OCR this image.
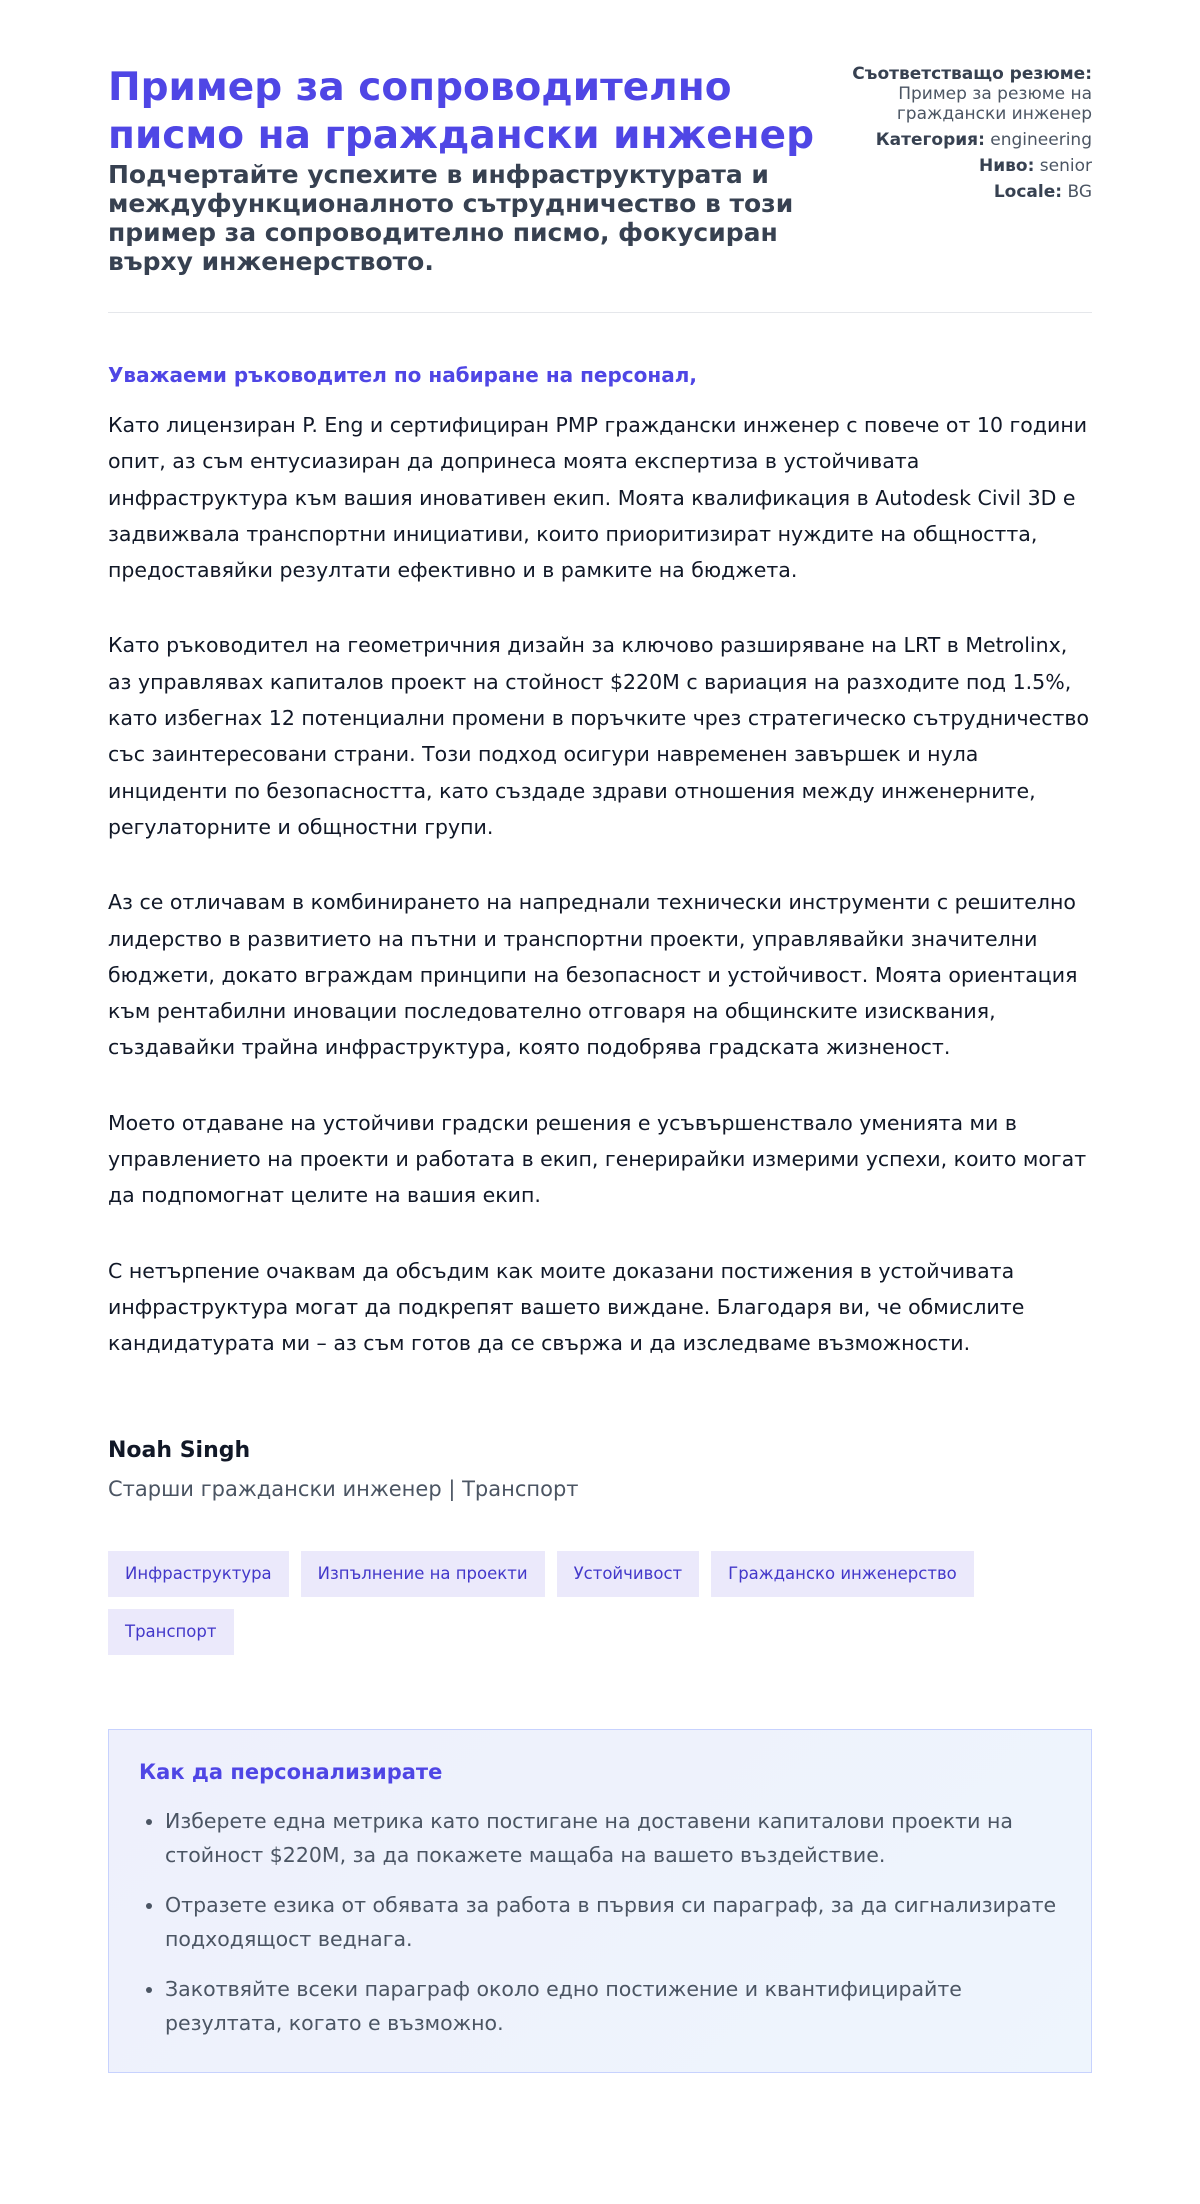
Пример за сопроводително писмо на граждански инженер

Подчертайте успехите в инфраструктурата и междуфункционалното сътрудничество в този пример за сопроводително писмо, фокусиран върху инженерството.

Съответстващо резюме: Пример за резюме на граждански инженер
Категория: engineering
Ниво: senior
Locale: BG

Уважаеми ръководител по набиране на персонал,

Като лицензиран P. Eng и сертифициран PMP граждански инженер с повече от 10 години опит, аз съм ентусиазиран да допринеса моята експертиза в устойчивата инфраструктура към вашия иновативен екип. Моята квалификация в Autodesk Civil 3D е задвижвала транспортни инициативи, които приоритизират нуждите на общността, предоставяйки резултати ефективно и в рамките на бюджета.

Като ръководител на геометричния дизайн за ключово разширяване на LRT в Metrolinx, аз управлявах капиталов проект на стойност $220M с вариация на разходите под 1.5%, като избегнах 12 потенциални промени в поръчките чрез стратегическо сътрудничество със заинтересовани страни. Този подход осигури навременен завършек и нула инциденти по безопасността, като създаде здрави отношения между инженерните, регулаторните и общностни групи.

Аз се отличавам в комбинирането на напреднали технически инструменти с решително лидерство в развитието на пътни и транспортни проекти, управлявайки значителни бюджети, докато вграждам принципи на безопасност и устойчивост. Моята ориентация към рентабилни иновации последователно отговаря на общинските изисквания, създавайки трайна инфраструктура, която подобрява градската жизненост.

Моето отдаване на устойчиви градски решения е усъвършенствало уменията ми в управлението на проекти и работата в екип, генерирайки измерими успехи, които могат да подпомогнат целите на вашия екип.

С нетърпение очаквам да обсъдим как моите доказани постижения в устойчивата инфраструктура могат да подкрепят вашето виждане. Благодаря ви, че обмислите кандидатурата ми – аз съм готов да се свържа и да изследваме възможности.

Noah Singh

Старши граждански инженер | Транспорт

Инфраструктура	Изпълнение на проекти	Устойчивост	Гражданско инженерство
Транспорт
Как да персонализирате
• Изберете една метрика като постигане на доставени капиталови проекти на стойност $220M, за да покажете мащаба на вашето въздействие.
• Отразете езика от обявата за работа в първия си параграф, за да сигнализирате подходящост веднага.
• Закотвяйте всеки параграф около едно постижение и квантифицирайте резултата, когато е възможно.
